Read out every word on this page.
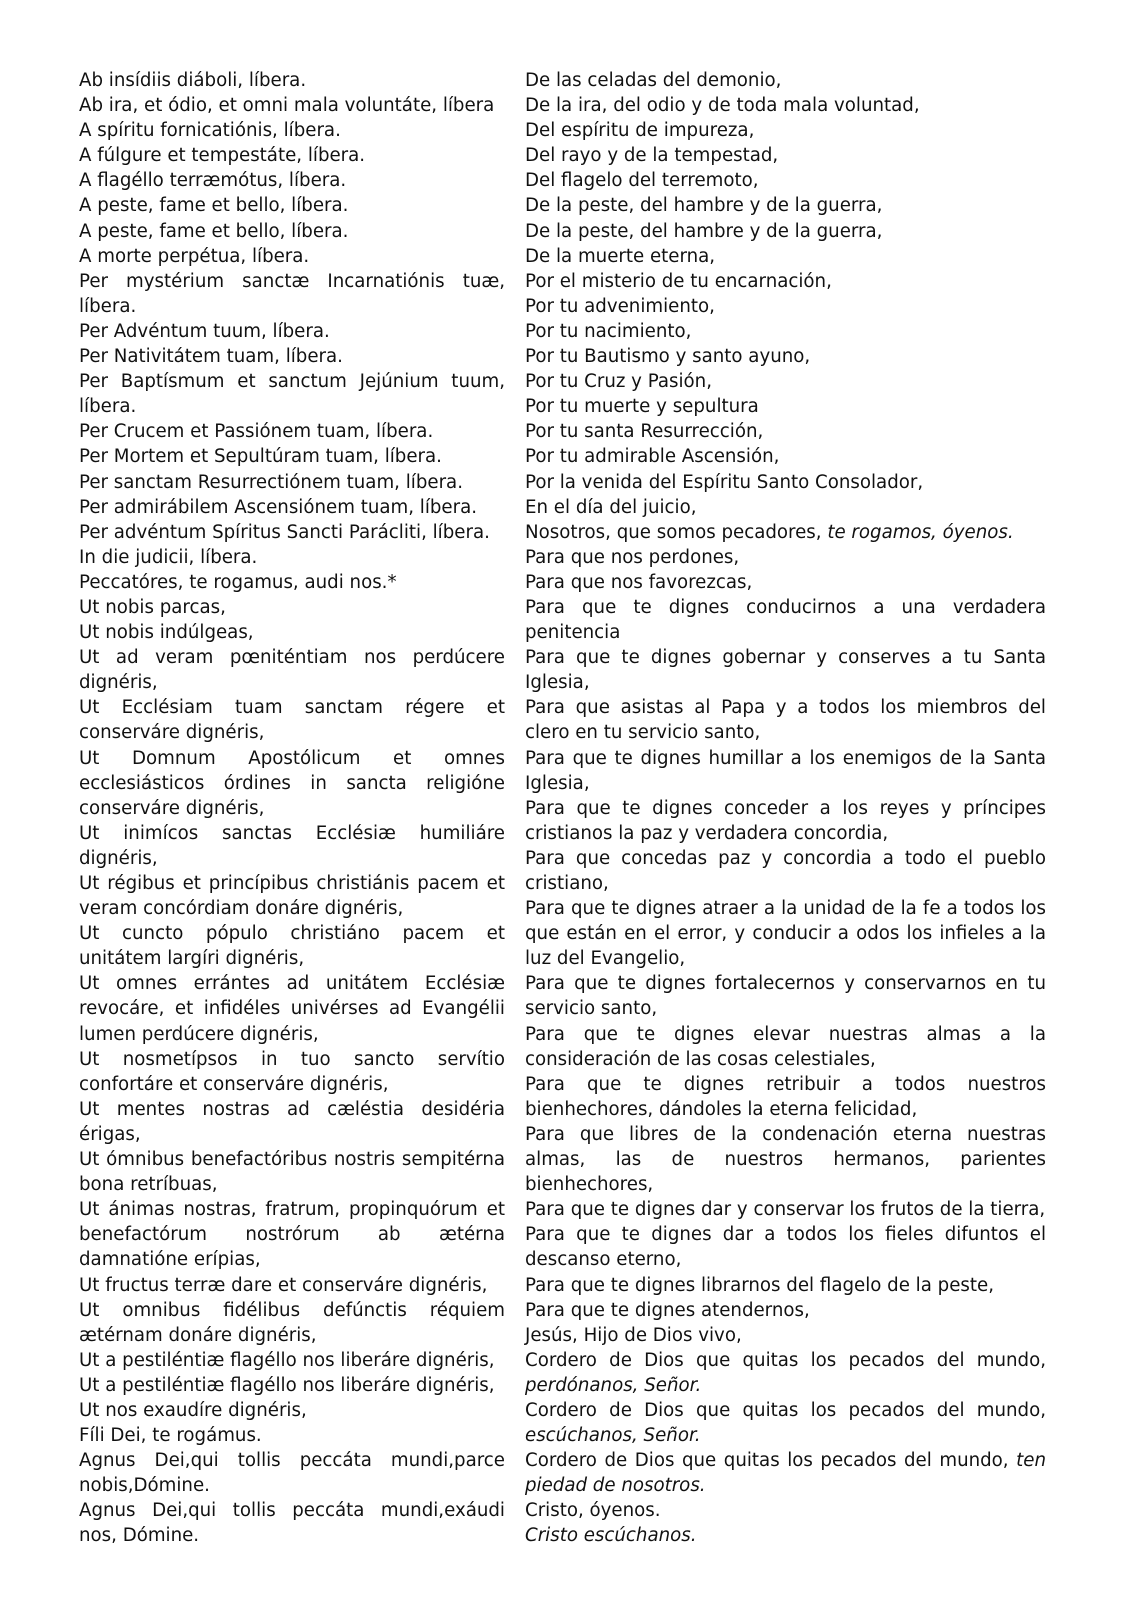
Ab insídiis diáboli, líbera.
Ab ira, et ódio, et omni mala voluntáte, líbera
A spíritu fornicatiónis, líbera.
A fúlgure et tempestáte, líbera.
A flagéllo terræmótus, líbera.
A peste, fame et bello, líbera.
A peste, fame et bello, líbera.
A morte perpétua, líbera.
Per mystérium sanctæ Incarnatiónis tuæ, líbera.
Per Advéntum tuum, líbera.
Per Nativitátem tuam, líbera.
Per Baptísmum et sanctum Jejúnium tuum, líbera.
Per Crucem et Passiónem tuam, líbera.
Per Mortem et Sepultúram tuam, líbera.
Per sanctam Resurrectiónem tuam, líbera.
Per admirábilem Ascensiónem tuam, líbera.
Per advéntum Spíritus Sancti Parácliti, líbera.
In die judicii, líbera.
Peccatóres, te rogamus, audi nos.*
Ut nobis parcas,
Ut nobis indúlgeas,
Ut ad veram pœniténtiam nos perdúcere dignéris,
Ut Ecclésiam tuam sanctam régere et conserváre dignéris,
Ut Domnum Apostólicum et omnes ecclesiásticos órdines in sancta religióne conserváre dignéris,
Ut inimícos sanctas Ecclésiæ humiliáre dignéris,
Ut régibus et princípibus christiánis pacem et veram concórdiam donáre dignéris,
Ut cuncto pópulo christiáno pacem et unitátem largíri dignéris,
Ut omnes errántes ad unitátem Ecclésiæ revocáre, et infidéles univérses ad Evangélii lumen perdúcere dignéris,
Ut nosmetípsos in tuo sancto servítio confortáre et conserváre dignéris,
Ut mentes nostras ad cæléstia desidéria érigas,
Ut ómnibus benefactóribus nostris sempitérna bona retríbuas,
Ut ánimas nostras, fratrum, propinquórum et benefactórum nostrórum ab ætérna damnatióne erípias,
Ut fructus terræ dare et conserváre dignéris,
Ut omnibus fidélibus defúnctis réquiem ætérnam donáre dignéris,
Ut a pestiléntiæ flagéllo nos liberáre dignéris,
Ut a pestiléntiæ flagéllo nos liberáre dignéris,
Ut nos exaudíre dignéris,
Fíli Dei, te rogámus.
Agnus Dei,qui tollis peccáta mundi,parce nobis,Dómine.
Agnus Dei,qui tollis peccáta mundi,exáudi nos, Dómine.
De las celadas del demonio,
De la ira, del odio y de toda mala voluntad,
Del espíritu de impureza,
Del rayo y de la tempestad,
Del flagelo del terremoto,
De la peste, del hambre y de la guerra,
De la peste, del hambre y de la guerra,
De la muerte eterna,
Por el misterio de tu encarnación,
Por tu advenimiento,
Por tu nacimiento,
Por tu Bautismo y santo ayuno,
Por tu Cruz y Pasión,
Por tu muerte y sepultura
Por tu santa Resurrección,
Por tu admirable Ascensión,
Por la venida del Espíritu Santo Consolador,
En el día del juicio,
Nosotros, que somos pecadores, te rogamos, óyenos.
Para que nos perdones,
Para que nos favorezcas,
Para que te dignes conducirnos a una verdadera penitencia
Para que te dignes gobernar y conserves a tu Santa Iglesia,
Para que asistas al Papa y a todos los miembros del clero en tu servicio santo,
Para que te dignes humillar a los enemigos de la Santa Iglesia,
Para que te dignes conceder a los reyes y príncipes cristianos la paz y verdadera concordia,
Para que concedas paz y concordia a todo el pueblo cristiano,
Para que te dignes atraer a la unidad de la fe a todos los que están en el error, y conducir a odos los infieles a la luz del Evangelio,
Para que te dignes fortalecernos y conservarnos en tu servicio santo,
Para que te dignes elevar nuestras almas a la consideración de las cosas celestiales,
Para que te dignes retribuir a todos nuestros bienhechores, dándoles la eterna felicidad,
Para que libres de la condenación eterna nuestras almas, las de nuestros hermanos, parientes bienhechores,
Para que te dignes dar y conservar los frutos de la tierra,
Para que te dignes dar a todos los fieles difuntos el descanso eterno,
Para que te dignes librarnos del flagelo de la peste,
Para que te dignes atendernos,
Jesús, Hijo de Dios vivo,
Cordero de Dios que quitas los pecados del mundo, perdónanos, Señor.
Cordero de Dios que quitas los pecados del mundo, escúchanos, Señor.
Cordero de Dios que quitas los pecados del mundo, ten piedad de nosotros.
Cristo, óyenos.
Cristo escúchanos.
